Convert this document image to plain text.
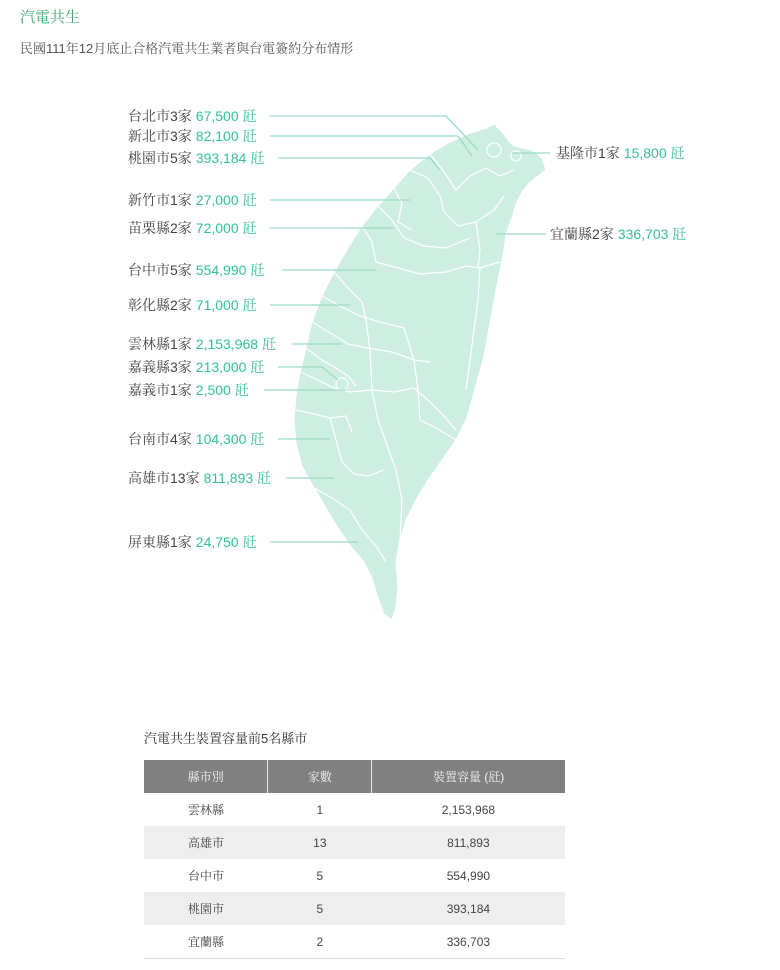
汽電共生
民國111年12月底止合格汽電共生業者與台電簽約分布情形
台北市3家 67,500 瓩
新北市3家 82,100 瓩
桃園市5家 393,184 瓩
新竹市1家 27,000 瓩
苗栗縣2家 72,000 瓩
台中市5家 554,990 瓩
彰化縣2家 71,000 瓩
雲林縣1家 2,153,968 瓩
嘉義縣3家 213,000 瓩
嘉義市1家 2,500 瓩
台南市4家 104,300 瓩
高雄市13家 811,893 瓩
屏東縣1家 24,750 瓩
基隆市1家 15,800 瓩
宜蘭縣2家 336,703 瓩
汽電共生裝置容量前5名縣市
縣市別	家數	裝置容量 (瓩)
雲林縣	1	2,153,968
高雄市	13	811,893
台中市	5	554,990
桃園市	5	393,184
宜蘭縣	2	336,703
